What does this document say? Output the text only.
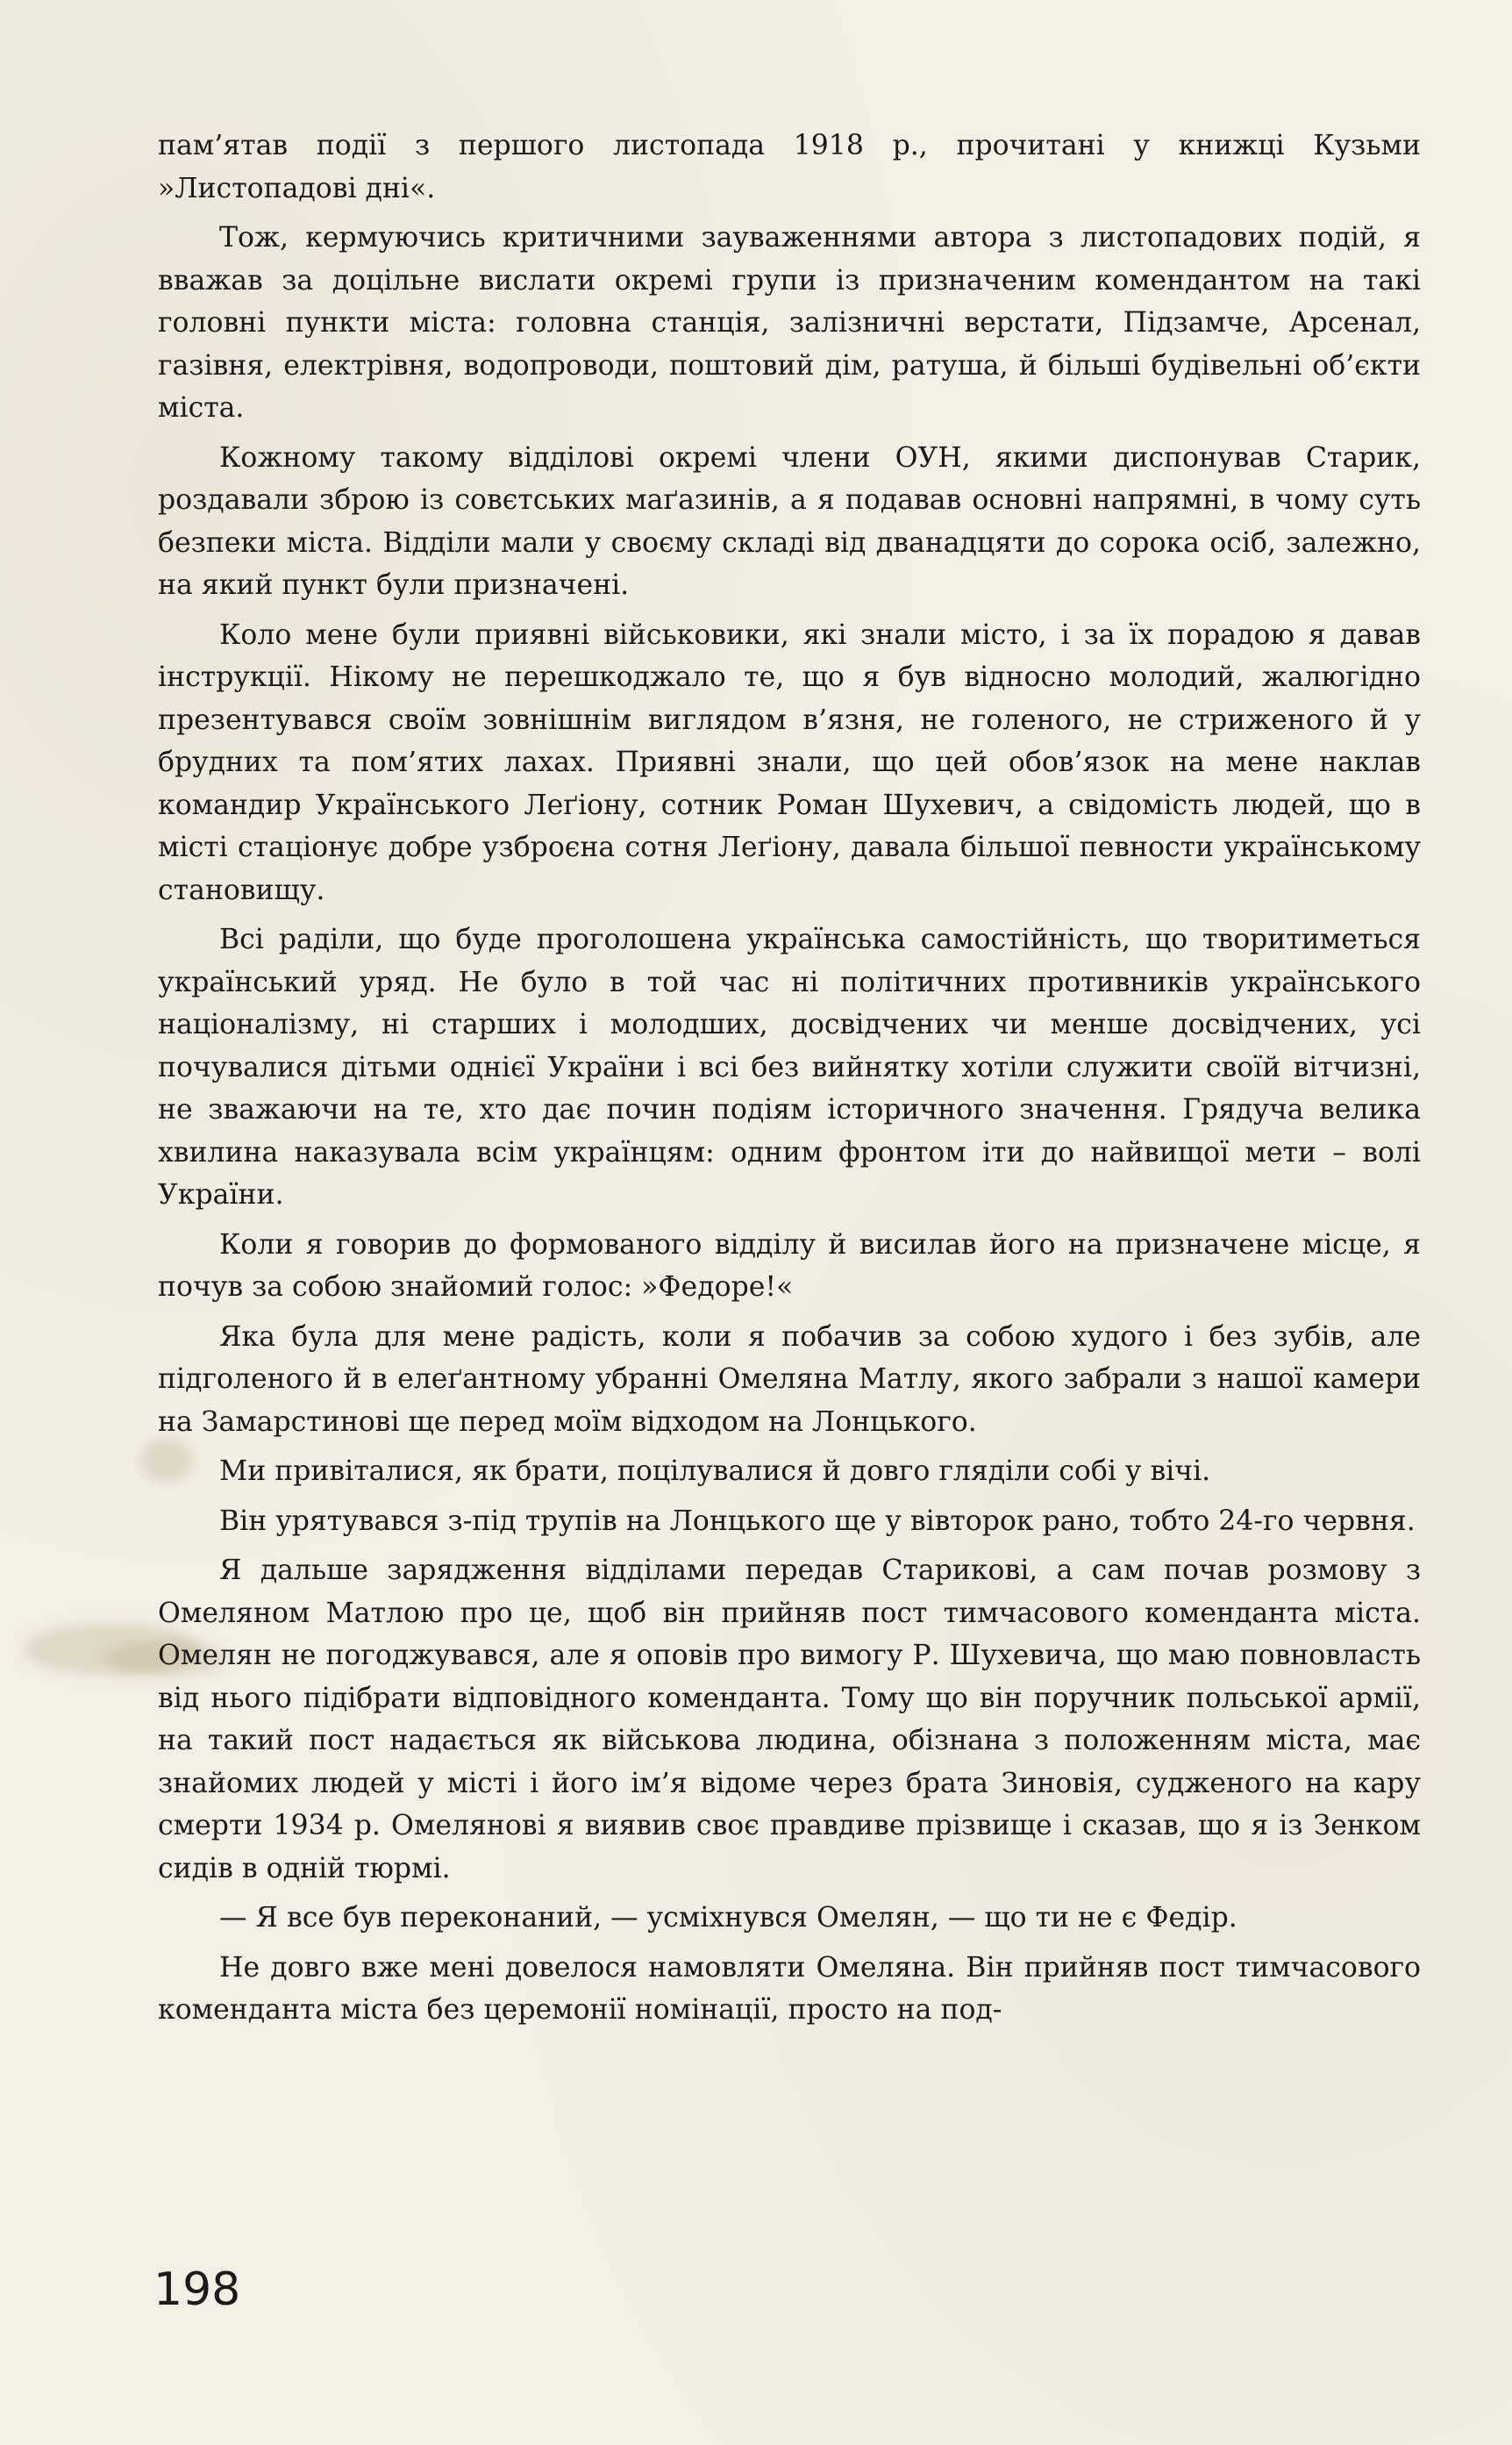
пам’ятав події з першого листопада 1918 р., прочитані у книжці Кузьми »Листопадові дні«.

Тож, кермуючись критичними зауваженнями автора з листопадових подій, я вважав за доцільне вислати окремі групи із призначеним комендантом на такі головні пункти міста: головна станція, залізничні верстати, Підзамче, Арсенал, газівня, електрівня, водопроводи, поштовий дім, ратуша, й більші будівельні об’єкти міста.

Кожному такому відділові окремі члени ОУН, якими диспонував Старик, роздавали зброю із совєтських маґазинів, а я подавав основні напрямні, в чому суть безпеки міста. Відділи мали у своєму складі від дванадцяти до сорока осіб, залежно, на який пункт були призначені.

Коло мене були приявні військовики, які знали місто, і за їх порадою я давав інструкції. Нікому не перешкоджало те, що я був відносно молодий, жалюгідно презентувався своїм зовнішнім виглядом в’язня, не голеного, не стриженого й у брудних та пом’ятих лахах. Приявні знали, що цей обов’язок на мене наклав командир Українського Леґіону, сотник Роман Шухевич, а свідомість людей, що в місті стаціонує добре узброєна сотня Леґіону, давала більшої певности українському становищу.

Всі раділи, що буде проголошена українська самостійність, що творитиметься український уряд. Не було в той час ні політичних противників українського націоналізму, ні старших і молодших, досвідчених чи менше досвідчених, усі почувалися дітьми однієї України і всі без вийнятку хотіли служити своїй вітчизні, не зважаючи на те, хто дає почин подіям історичного значення. Грядуча велика хвилина наказувала всім українцям: одним фронтом іти до найвищої мети – волі України.

Коли я говорив до формованого відділу й висилав його на призначене місце, я почув за собою знайомий голос: »Федоре!«

Яка була для мене радість, коли я побачив за собою худого і без зубів, але підголеного й в елеґантному убранні Омеляна Матлу, якого забрали з нашої камери на Замарстинові ще перед моїм відходом на Лонцького.

Ми привіталися, як брати, поцілувалися й довго гляділи собі у вічі.

Він урятувався з-під трупів на Лонцького ще у вівторок рано, тобто 24-го червня.

Я дальше зарядження відділами передав Старикові, а сам почав розмову з Омеляном Матлою про це, щоб він прийняв пост тимчасового коменданта міста. Омелян не погоджувався, але я оповів про вимогу Р. Шухевича, що маю повновласть від нього підібрати відповідного коменданта. Тому що він поручник польської армії, на такий пост надається як військова людина, обізнана з положенням міста, має знайомих людей у місті і його ім’я відоме через брата Зиновія, судженого на кару смерти 1934 р. Омелянові я виявив своє правдиве прізвище і сказав, що я із Зенком сидів в одній тюрмі.

— Я все був переконаний, — усміхнувся Омелян, — що ти не є Федір.

Не довго вже мені довелося намовляти Омеляна. Він прийняв пост тимчасового коменданта міста без церемонії номінації, просто на под-

198
